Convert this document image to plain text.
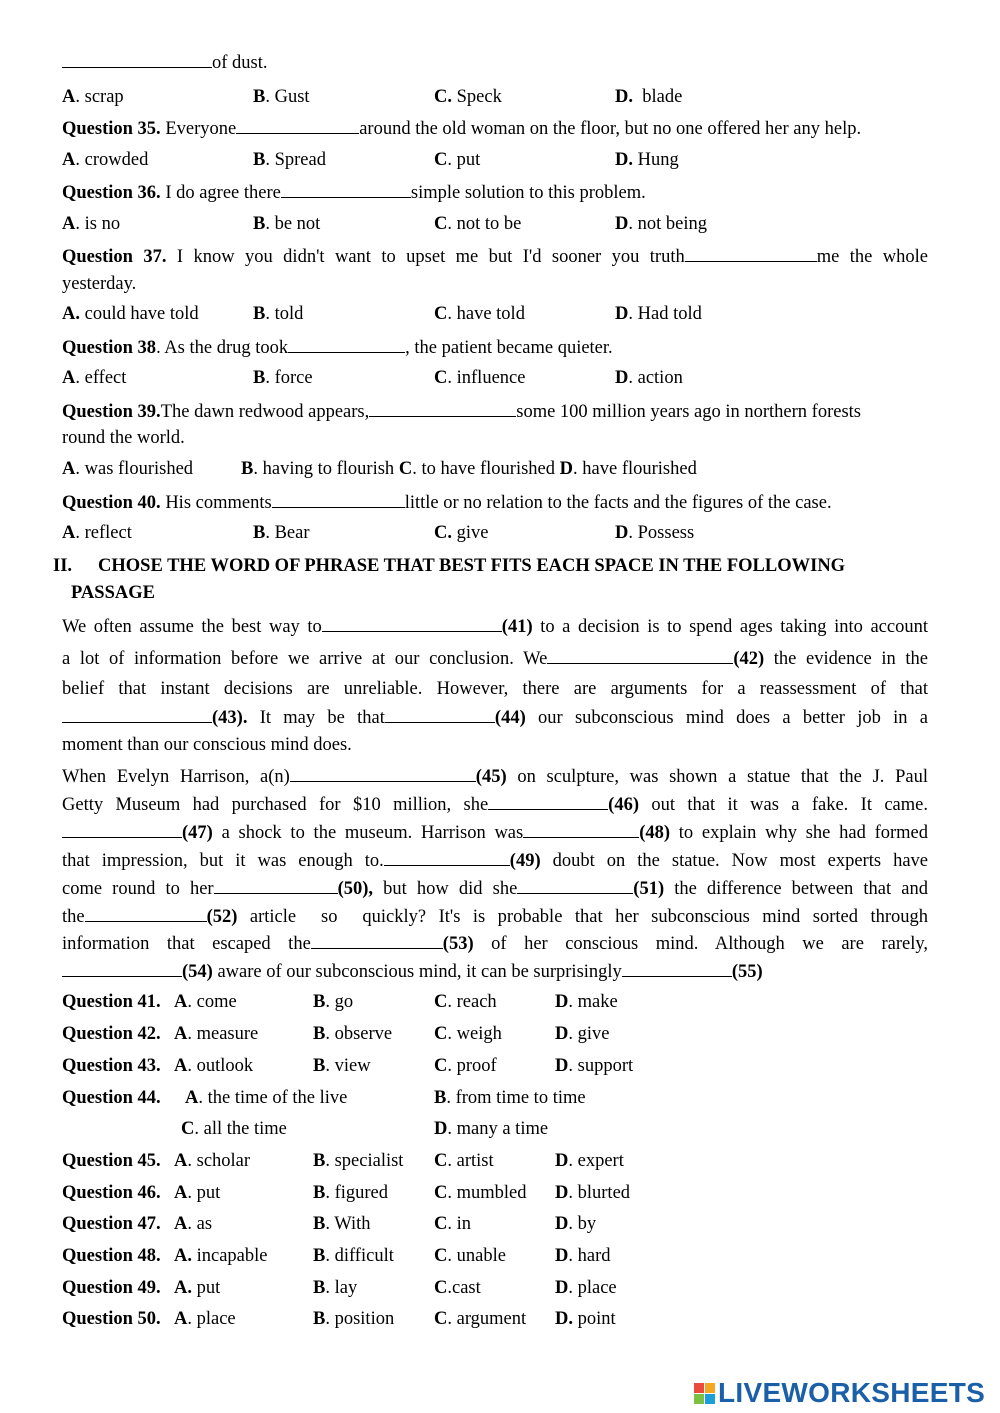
of dust.
A. scrap	B. Gust	C. Speck	D.  blade
Question 35. Everyone	around the old woman on the floor, but no one offered her any help.
A. crowded	B. Spread	C. put	D. Hung
Question 36. I do agree there	simple solution to this problem.
A. is no	B. be not	C. not to be	D. not being
Question 37. I know you didn't want to upset me but I'd sooner you truth	me the whole
yesterday.
A. could have told	B. told	C. have told	D. Had told
Question 38. As the drug took	, the patient became quieter.
A. effect	B. force	C. influence	D. action
Question 39.The dawn redwood appears,	some 100 million years ago in northern forests
round the world.
A. was flourished	B. having to flourish C. to have flourished D. have flourished
Question 40. His comments	little or no relation to the facts and the figures of the case.
A. reflect	B. Bear	C. give	D. Possess
II. CHOSE THE WORD OF PHRASE THAT BEST FITS EACH SPACE IN THE FOLLOWING
PASSAGE
We often assume the best way to	(41) to a decision is to spend ages taking into account
a lot of information before we arrive at our conclusion. We	(42) the evidence in the
belief that instant decisions are unreliable. However, there are arguments for a reassessment of that
(43). It may be that	(44) our subconscious mind does a better job in a
moment than our conscious mind does.
When Evelyn Harrison, a(n)	(45) on sculpture, was shown a statue that the J. Paul
Getty Museum had purchased for $10 million, she	(46) out that it was a fake. It came.
(47) a shock to the museum. Harrison was	(48) to explain why she had formed
that impression, but it was enough to.	(49) doubt on the statue. Now most experts have
come round to her	(50), but how did she	(51) the difference between that and
the	(52) article  so  quickly? It's is probable that her subconscious mind sorted through
information that escaped the	(53) of her conscious mind. Although we are rarely,
(54) aware of our subconscious mind, it can be surprisingly	(55)
Question 41. A. come	B. go	C. reach	D. make
Question 42. A. measure	B. observe C. weigh	D. give
Question 43. A. outlook	B. view	C. proof	D. support
Question 44. A. the time of the live	B. from time to time
C. all the time	D. many a time
Question 45. A. scholar	B. specialist C. artist	D. expert
Question 46. A. put	B. figured C. mumbled D. blurted
Question 47. A. as	B. With	C. in	D. by
Question 48. A. incapable B. difficult C. unable	D. hard
Question 49. A. put	B. lay	C.cast	D. place
Question 50. A. place	B. position C. argument D. point
LIVEWORKSHEETS
